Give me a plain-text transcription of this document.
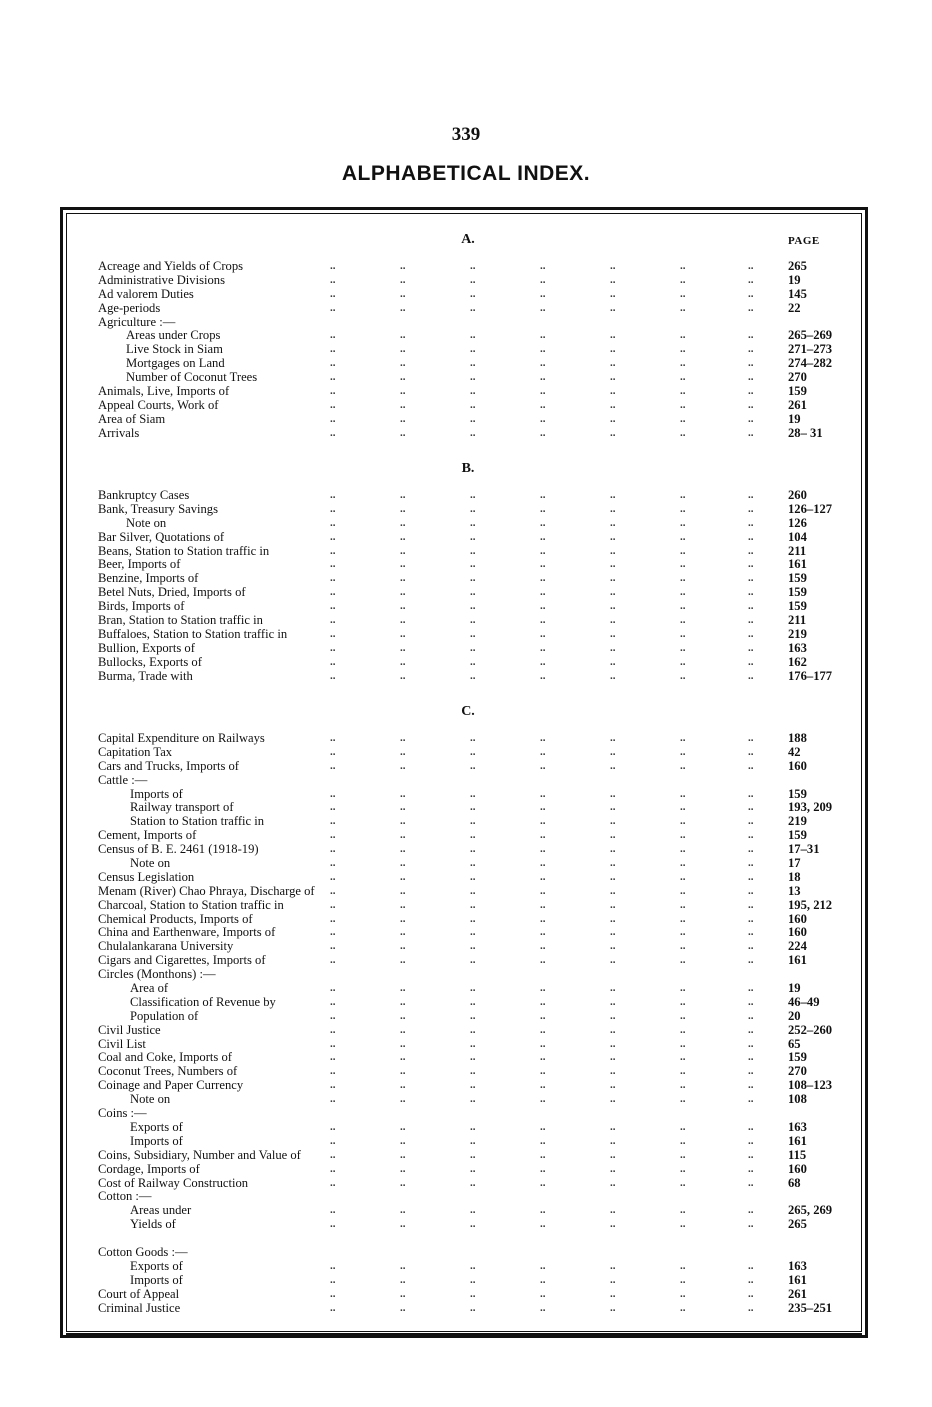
339
ALPHABETICAL INDEX.
A.	PAGE
Acreage and Yields of Crops	..	..	..	..	..	..	..	265
Administrative Divisions	..	..	..	..	..	..	..	19
Ad valorem Duties	..	..	..	..	..	..	..	145
Age-periods	..	..	..	..	..	..	..	22
Agriculture :—
Areas under Crops	..	..	..	..	..	..	..	265–269
Live Stock in Siam	..	..	..	..	..	..	..	271–273
Mortgages on Land	..	..	..	..	..	..	..	274–282
Number of Coconut Trees	..	..	..	..	..	..	..	270
Animals, Live, Imports of	..	..	..	..	..	..	..	159
Appeal Courts, Work of	..	..	..	..	..	..	..	261
Area of Siam	..	..	..	..	..	..	..	19
Arrivals	..	..	..	..	..	..	..	28– 31
B.
Bankruptcy Cases	..	..	..	..	..	..	..	260
Bank, Treasury Savings	..	..	..	..	..	..	..	126–127
Note on	..	..	..	..	..	..	..	126
Bar Silver, Quotations of	..	..	..	..	..	..	..	104
Beans, Station to Station traffic in	..	..	..	..	..	..	..	211
Beer, Imports of	..	..	..	..	..	..	..	161
Benzine, Imports of	..	..	..	..	..	..	..	159
Betel Nuts, Dried, Imports of	..	..	..	..	..	..	..	159
Birds, Imports of	..	..	..	..	..	..	..	159
Bran, Station to Station traffic in	..	..	..	..	..	..	..	211
Buffaloes, Station to Station traffic in	..	..	..	..	..	..	..	219
Bullion, Exports of	..	..	..	..	..	..	..	163
Bullocks, Exports of	..	..	..	..	..	..	..	162
Burma, Trade with	..	..	..	..	..	..	..	176–177
C.
Capital Expenditure on Railways	..	..	..	..	..	..	..	188
Capitation Tax	..	..	..	..	..	..	..	42
Cars and Trucks, Imports of	..	..	..	..	..	..	..	160
Cattle :—
Imports of	..	..	..	..	..	..	..	159
Railway transport of	..	..	..	..	..	..	..	193, 209
Station to Station traffic in	..	..	..	..	..	..	..	219
Cement, Imports of	..	..	..	..	..	..	..	159
Census of B. E. 2461 (1918-19)	..	..	..	..	..	..	..	17–31
Note on	..	..	..	..	..	..	..	17
Census Legislation	..	..	..	..	..	..	..	18
Menam (River) Chao Phraya, Discharge of ..	..	..	..	..	..	..	13
Charcoal, Station to Station traffic in	..	..	..	..	..	..	..	195, 212
Chemical Products, Imports of	..	..	..	..	..	..	..	160
China and Earthenware, Imports of	..	..	..	..	..	..	..	160
Chulalankarana University	..	..	..	..	..	..	..	224
Cigars and Cigarettes, Imports of	..	..	..	..	..	..	..	161
Circles (Monthons) :—
Area of	..	..	..	..	..	..	..	19
Classification of Revenue by	..	..	..	..	..	..	..	46–49
Population of	..	..	..	..	..	..	..	20
Civil Justice	..	..	..	..	..	..	..	252–260
Civil List	..	..	..	..	..	..	..	65
Coal and Coke, Imports of	..	..	..	..	..	..	..	159
Coconut Trees, Numbers of	..	..	..	..	..	..	..	270
Coinage and Paper Currency	..	..	..	..	..	..	..	108–123
Note on	..	..	..	..	..	..	..	108
Coins :—
Exports of	..	..	..	..	..	..	..	163
Imports of	..	..	..	..	..	..	..	161
Coins, Subsidiary, Number and Value of	..	..	..	..	..	..	..	115
Cordage, Imports of	..	..	..	..	..	..	..	160
Cost of Railway Construction	..	..	..	..	..	..	..	68
Cotton :—
Areas under	..	..	..	..	..	..	..	265, 269
Yields of	..	..	..	..	..	..	..	265
Cotton Goods :—
Exports of	..	..	..	..	..	..	..	163
Imports of	..	..	..	..	..	..	..	161
Court of Appeal	..	..	..	..	..	..	..	261
Criminal Justice	..	..	..	..	..	..	..	235–251
